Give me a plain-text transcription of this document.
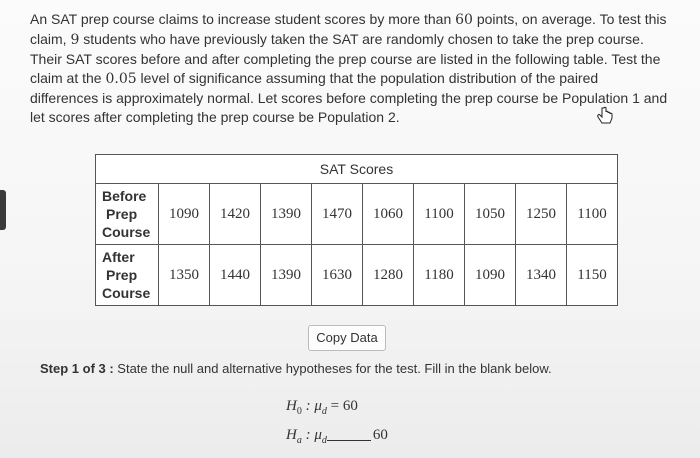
An SAT prep course claims to increase student scores by more than 60 points, on average. To test this claim, 9 students who have previously taken the SAT are randomly chosen to take the prep course. Their SAT scores before and after completing the prep course are listed in the following table. Test the claim at the 0.05 level of significance assuming that the population distribution of the paired differences is approximately normal. Let scores before completing the prep course be Population 1 and let scores after completing the prep course be Population 2.
SAT Scores									

Before
Prep
Course	1090	1420	1390	1470	1060	1100	1050	1250	1100

After
Prep
Course	1350	1440	1390	1630	1280	1180	1090	1340	1150
Copy Data
Step 1 of 3 : State the null and alternative hypotheses for the test. Fill in the blank below.
$H_0$ : $\mu_d = 60$
$H_a$ : $\mu_d$	60
